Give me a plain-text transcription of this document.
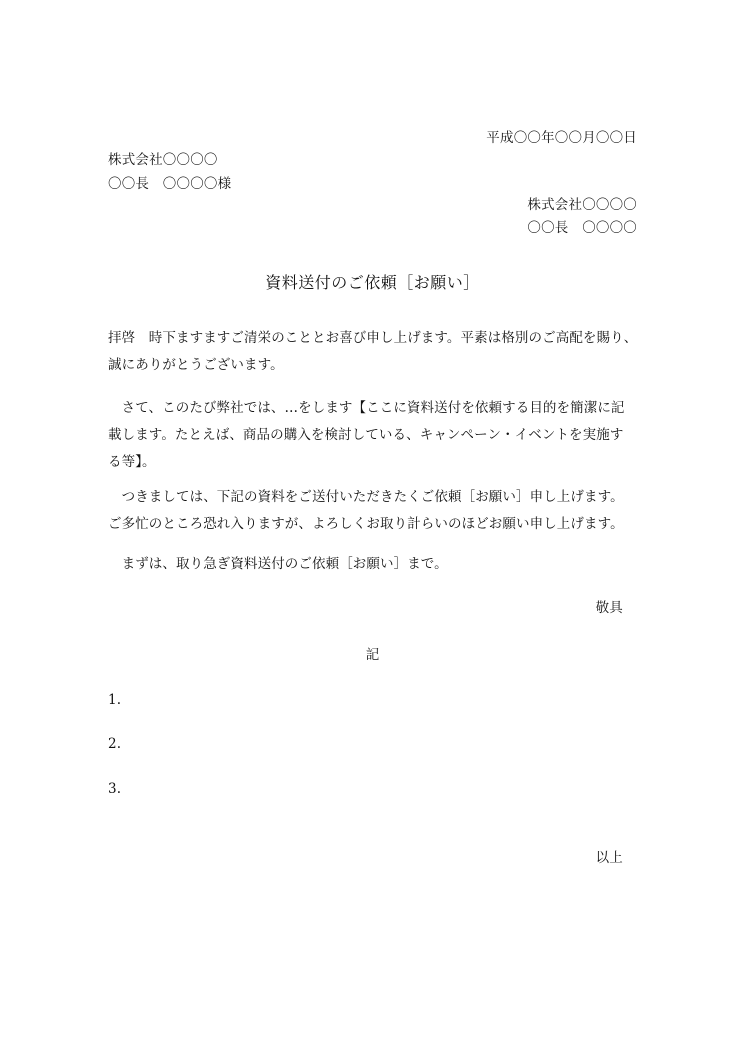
平成〇〇年〇〇月〇〇日
株式会社〇〇〇〇
〇〇長　〇〇〇〇様
株式会社〇〇〇〇
〇〇長　〇〇〇〇
資料送付のご依頼［お願い］
拝啓　時下ますますご清栄のこととお喜び申し上げます。平素は格別のご高配を賜り、
誠にありがとうございます。
　さて、このたび弊社では、…をします【ここに資料送付を依頼する目的を簡潔に記
載します。たとえば、商品の購入を検討している、キャンペーン・イベントを実施す
る等】。
　つきましては、下記の資料をご送付いただきたくご依頼［お願い］申し上げます。
ご多忙のところ恐れ入りますが、よろしくお取り計らいのほどお願い申し上げます。
　まずは、取り急ぎ資料送付のご依頼［お願い］まで。
敬具
記
1.
2.
3.
以上
